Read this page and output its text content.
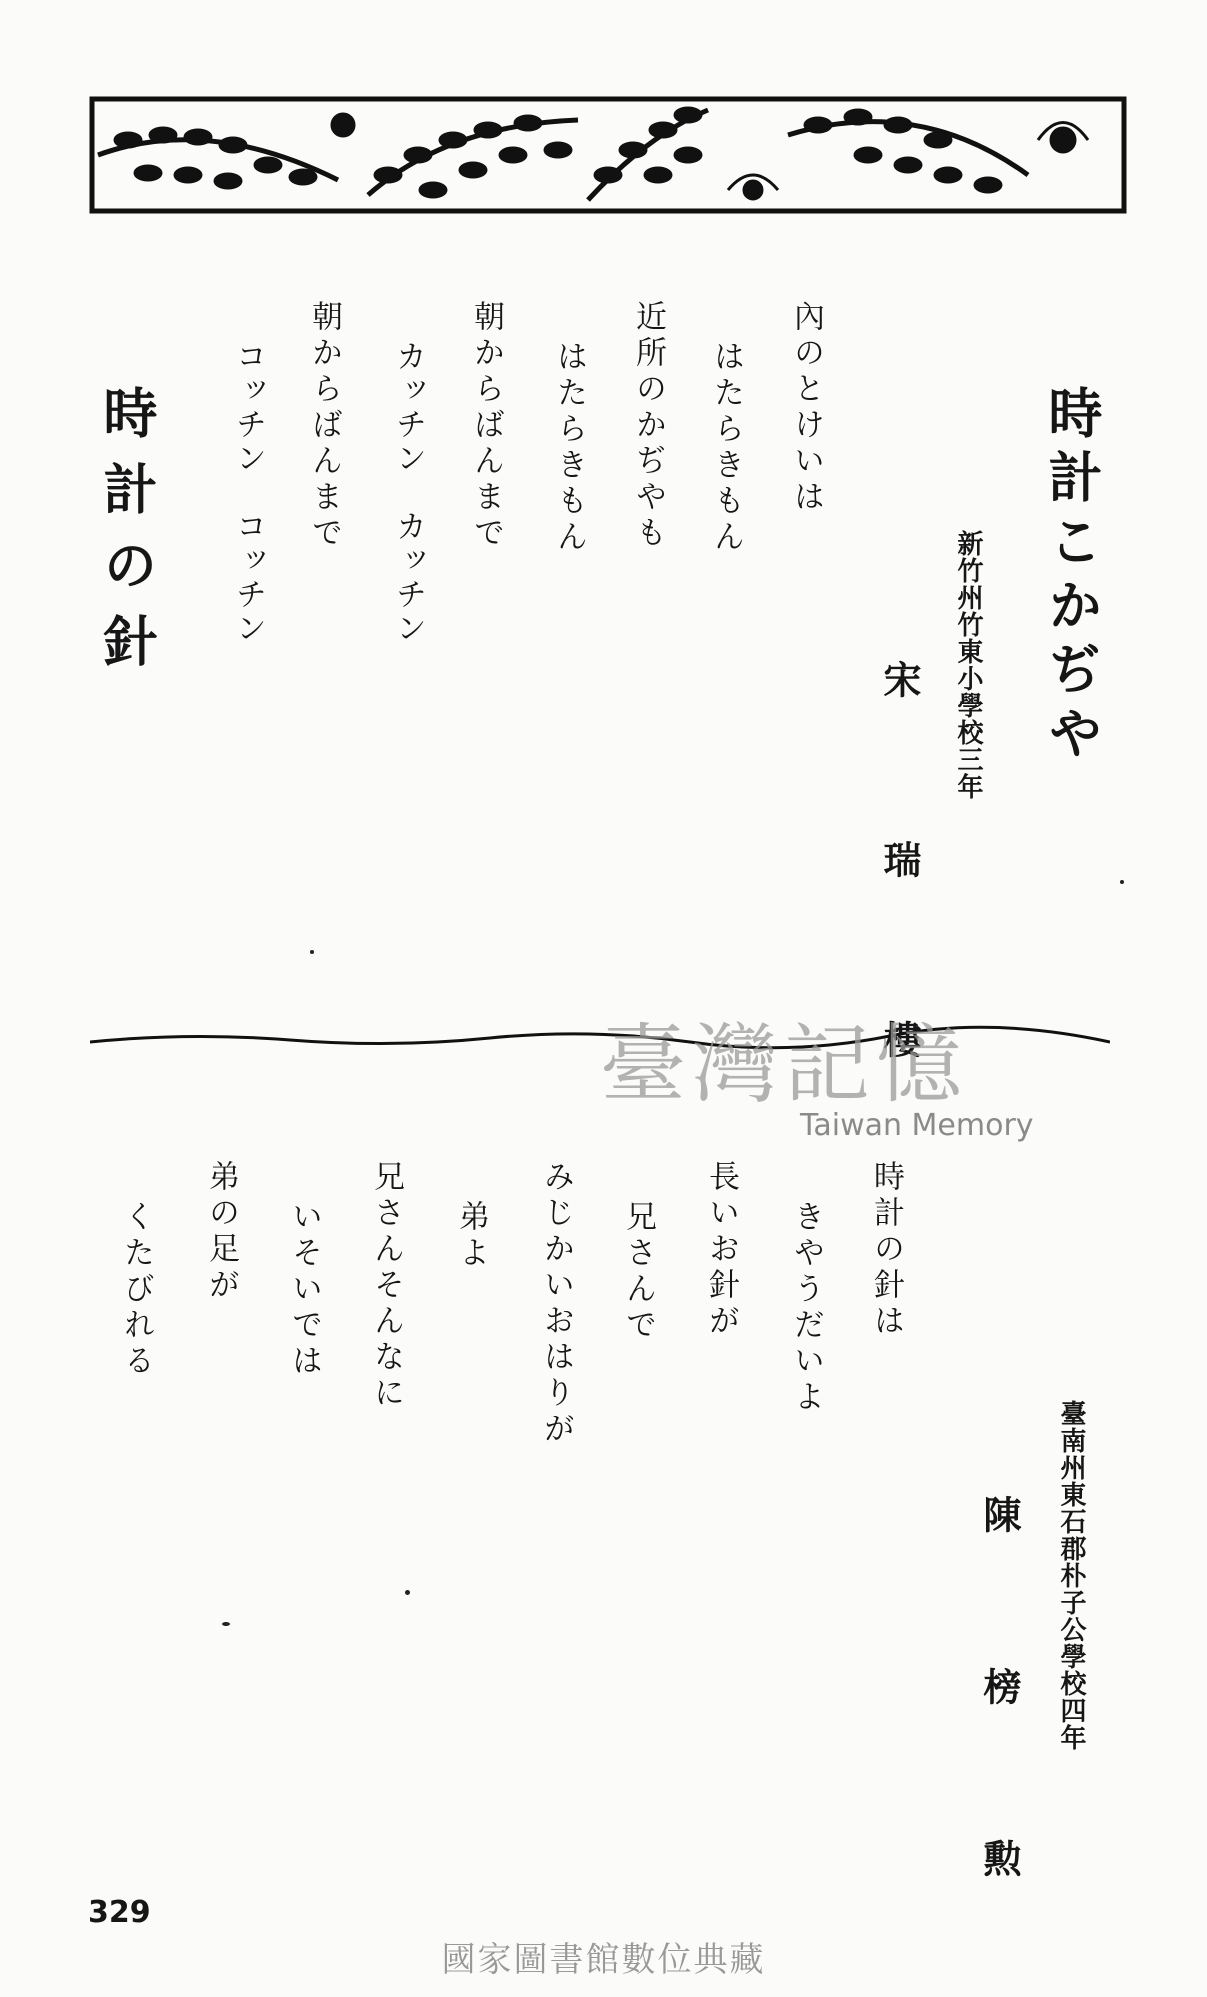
時計こかぢや
新竹州竹東小學校三年
宋　瑞　樓
內のとけいは
はたらきもん
近所のかぢやも
はたらきもん
朝からばんまで
カッチン　カッチン
朝からばんまで
コッチン　コッチン
時計の針
臺灣記憶
Taiwan Memory
臺南州東石郡朴子公學校四年
陳　榜　勲
時計の針は
きやうだいよ
長いお針が
兄さんで
みじかいおはりが
弟よ
兄さんそんなに
いそいでは
弟の足が
くたびれる
329
國家圖書館數位典藏
